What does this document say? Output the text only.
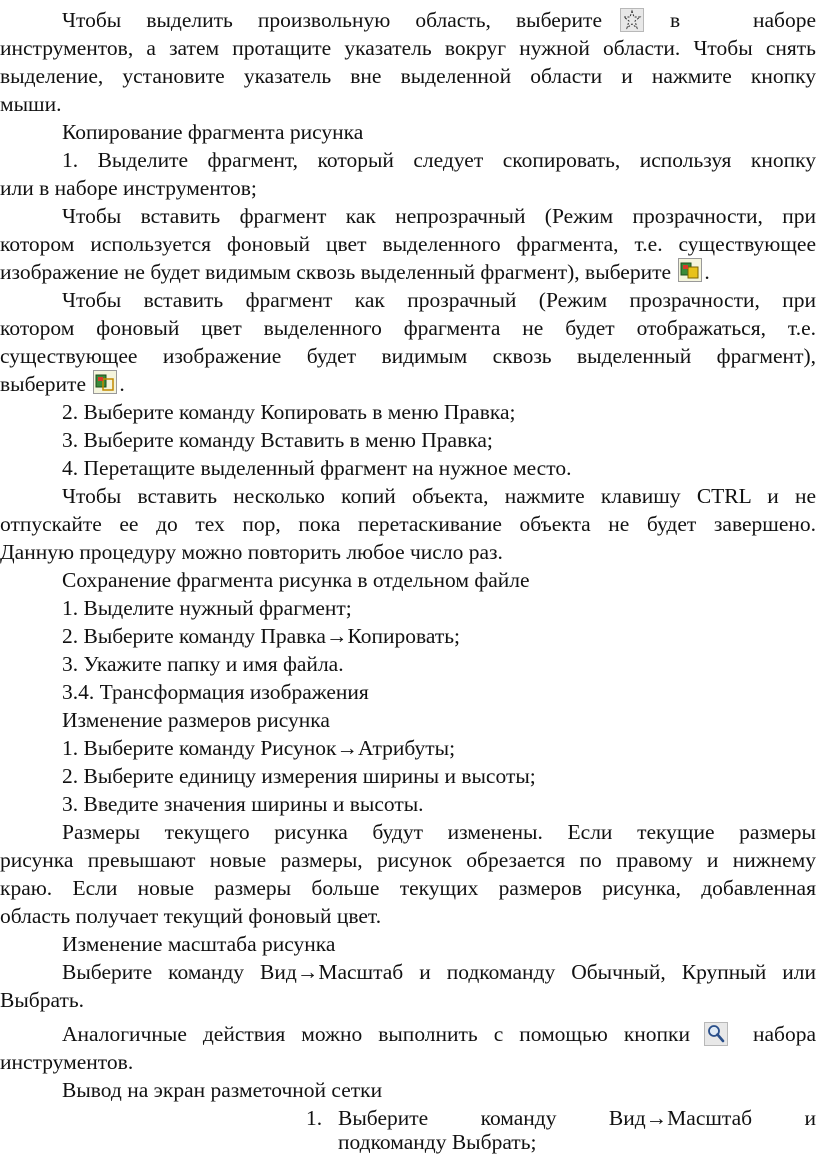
Чтобы выделить произвольную область, выберите	в наборе
инструментов, а затем протащите указатель вокруг нужной области. Чтобы снять
выделение, установите указатель вне выделенной области и нажмите кнопку
мыши.
Копирование фрагмента рисунка
1. Выделите фрагмент, который следует скопировать, используя кнопку
или в наборе инструментов;
Чтобы вставить фрагмент как непрозрачный (Режим прозрачности, при
котором используется фоновый цвет выделенного фрагмента, т.е. существующее
изображение не будет видимым сквозь выделенный фрагмент), выберите .
Чтобы вставить фрагмент как прозрачный (Режим прозрачности, при
котором фоновый цвет выделенного фрагмента не будет отображаться, т.е.
существующее изображение будет видимым сквозь выделенный фрагмент),
выберите .
2. Выберите команду Копировать в меню Правка;
3. Выберите команду Вставить в меню Правка;
4. Перетащите выделенный фрагмент на нужное место.
Чтобы вставить несколько копий объекта, нажмите клавишу CTRL и не
отпускайте ее до тех пор, пока перетаскивание объекта не будет завершено.
Данную процедуру можно повторить любое число раз.
Сохранение фрагмента рисунка в отдельном файле
1. Выделите нужный фрагмент;
2. Выберите команду Правка→Копировать;
3. Укажите папку и имя файла.
3.4. Трансформация изображения
Изменение размеров рисунка
1. Выберите команду Рисунок→Атрибуты;
2. Выберите единицу измерения ширины и высоты;
3. Введите значения ширины и высоты.
Размеры текущего рисунка будут изменены. Если текущие размеры
рисунка превышают новые размеры, рисунок обрезается по правому и нижнему
краю. Если новые размеры больше текущих размеров рисунка, добавленная
область получает текущий фоновый цвет.
Изменение масштаба рисунка
Выберите команду Вид→Масштаб и подкоманду Обычный, Крупный или
Выбрать.
Аналогичные действия можно выполнить с помощью кнопки	набора
инструментов.
Вывод на экран разметочной сетки
1. Выберите команду Вид→Масштаб и
подкоманду Выбрать;
